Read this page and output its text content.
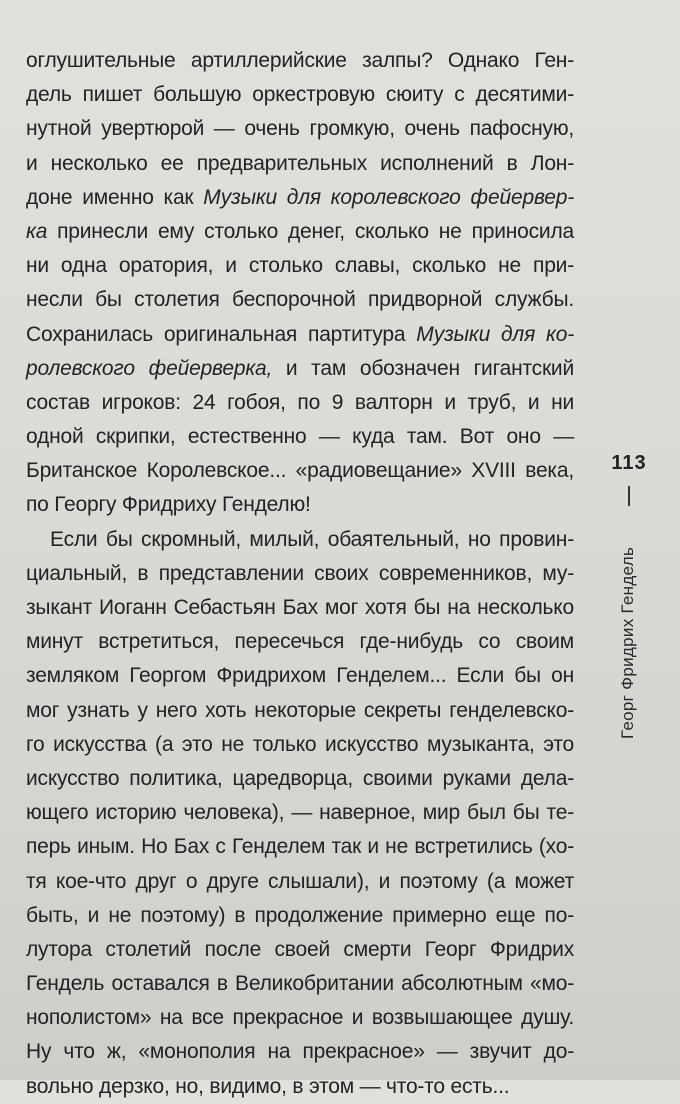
оглушительные артиллерийские залпы? Однако Ген-
дель пишет большую оркестровую сюиту с десятими-
нутной увертюрой — очень громкую, очень пафосную,
и несколько ее предварительных исполнений в Лон-
доне именно как Музыки для королевского фейервер-
ка принесли ему столько денег, сколько не приносила
ни одна оратория, и столько славы, сколько не при-
несли бы столетия беспорочной придворной службы.
Сохранилась оригинальная партитура Музыки для ко-
ролевского фейерверка, и там обозначен гигантский
состав игроков: 24 гобоя, по 9 валторн и труб, и ни
одной скрипки, естественно — куда там. Вот оно —
Британское Королевское... «радиовещание» XVIII века,
по Георгу Фридриху Генделю!
Если бы скромный, милый, обаятельный, но провин-
циальный, в представлении своих современников, му-
зыкант Иоганн Себастьян Бах мог хотя бы на несколько
минут встретиться, пересечься где-нибудь со своим
земляком Георгом Фридрихом Генделем... Если бы он
мог узнать у него хоть некоторые секреты генделевско-
го искусства (а это не только искусство музыканта, это
искусство политика, царедворца, своими руками дела-
ющего историю человека), — наверное, мир был бы те-
перь иным. Но Бах с Генделем так и не встретились (хо-
тя кое-что друг о друге слышали), и поэтому (а может
быть, и не поэтому) в продолжение примерно еще по-
лутора столетий после своей смерти Георг Фридрих
Гендель оставался в Великобритании абсолютным «мо-
нополистом» на все прекрасное и возвышающее душу.
Ну что ж, «монополия на прекрасное» — звучит до-
вольно дерзко, но, видимо, в этом — что-то есть...
113
Георг Фридрих Гендель
